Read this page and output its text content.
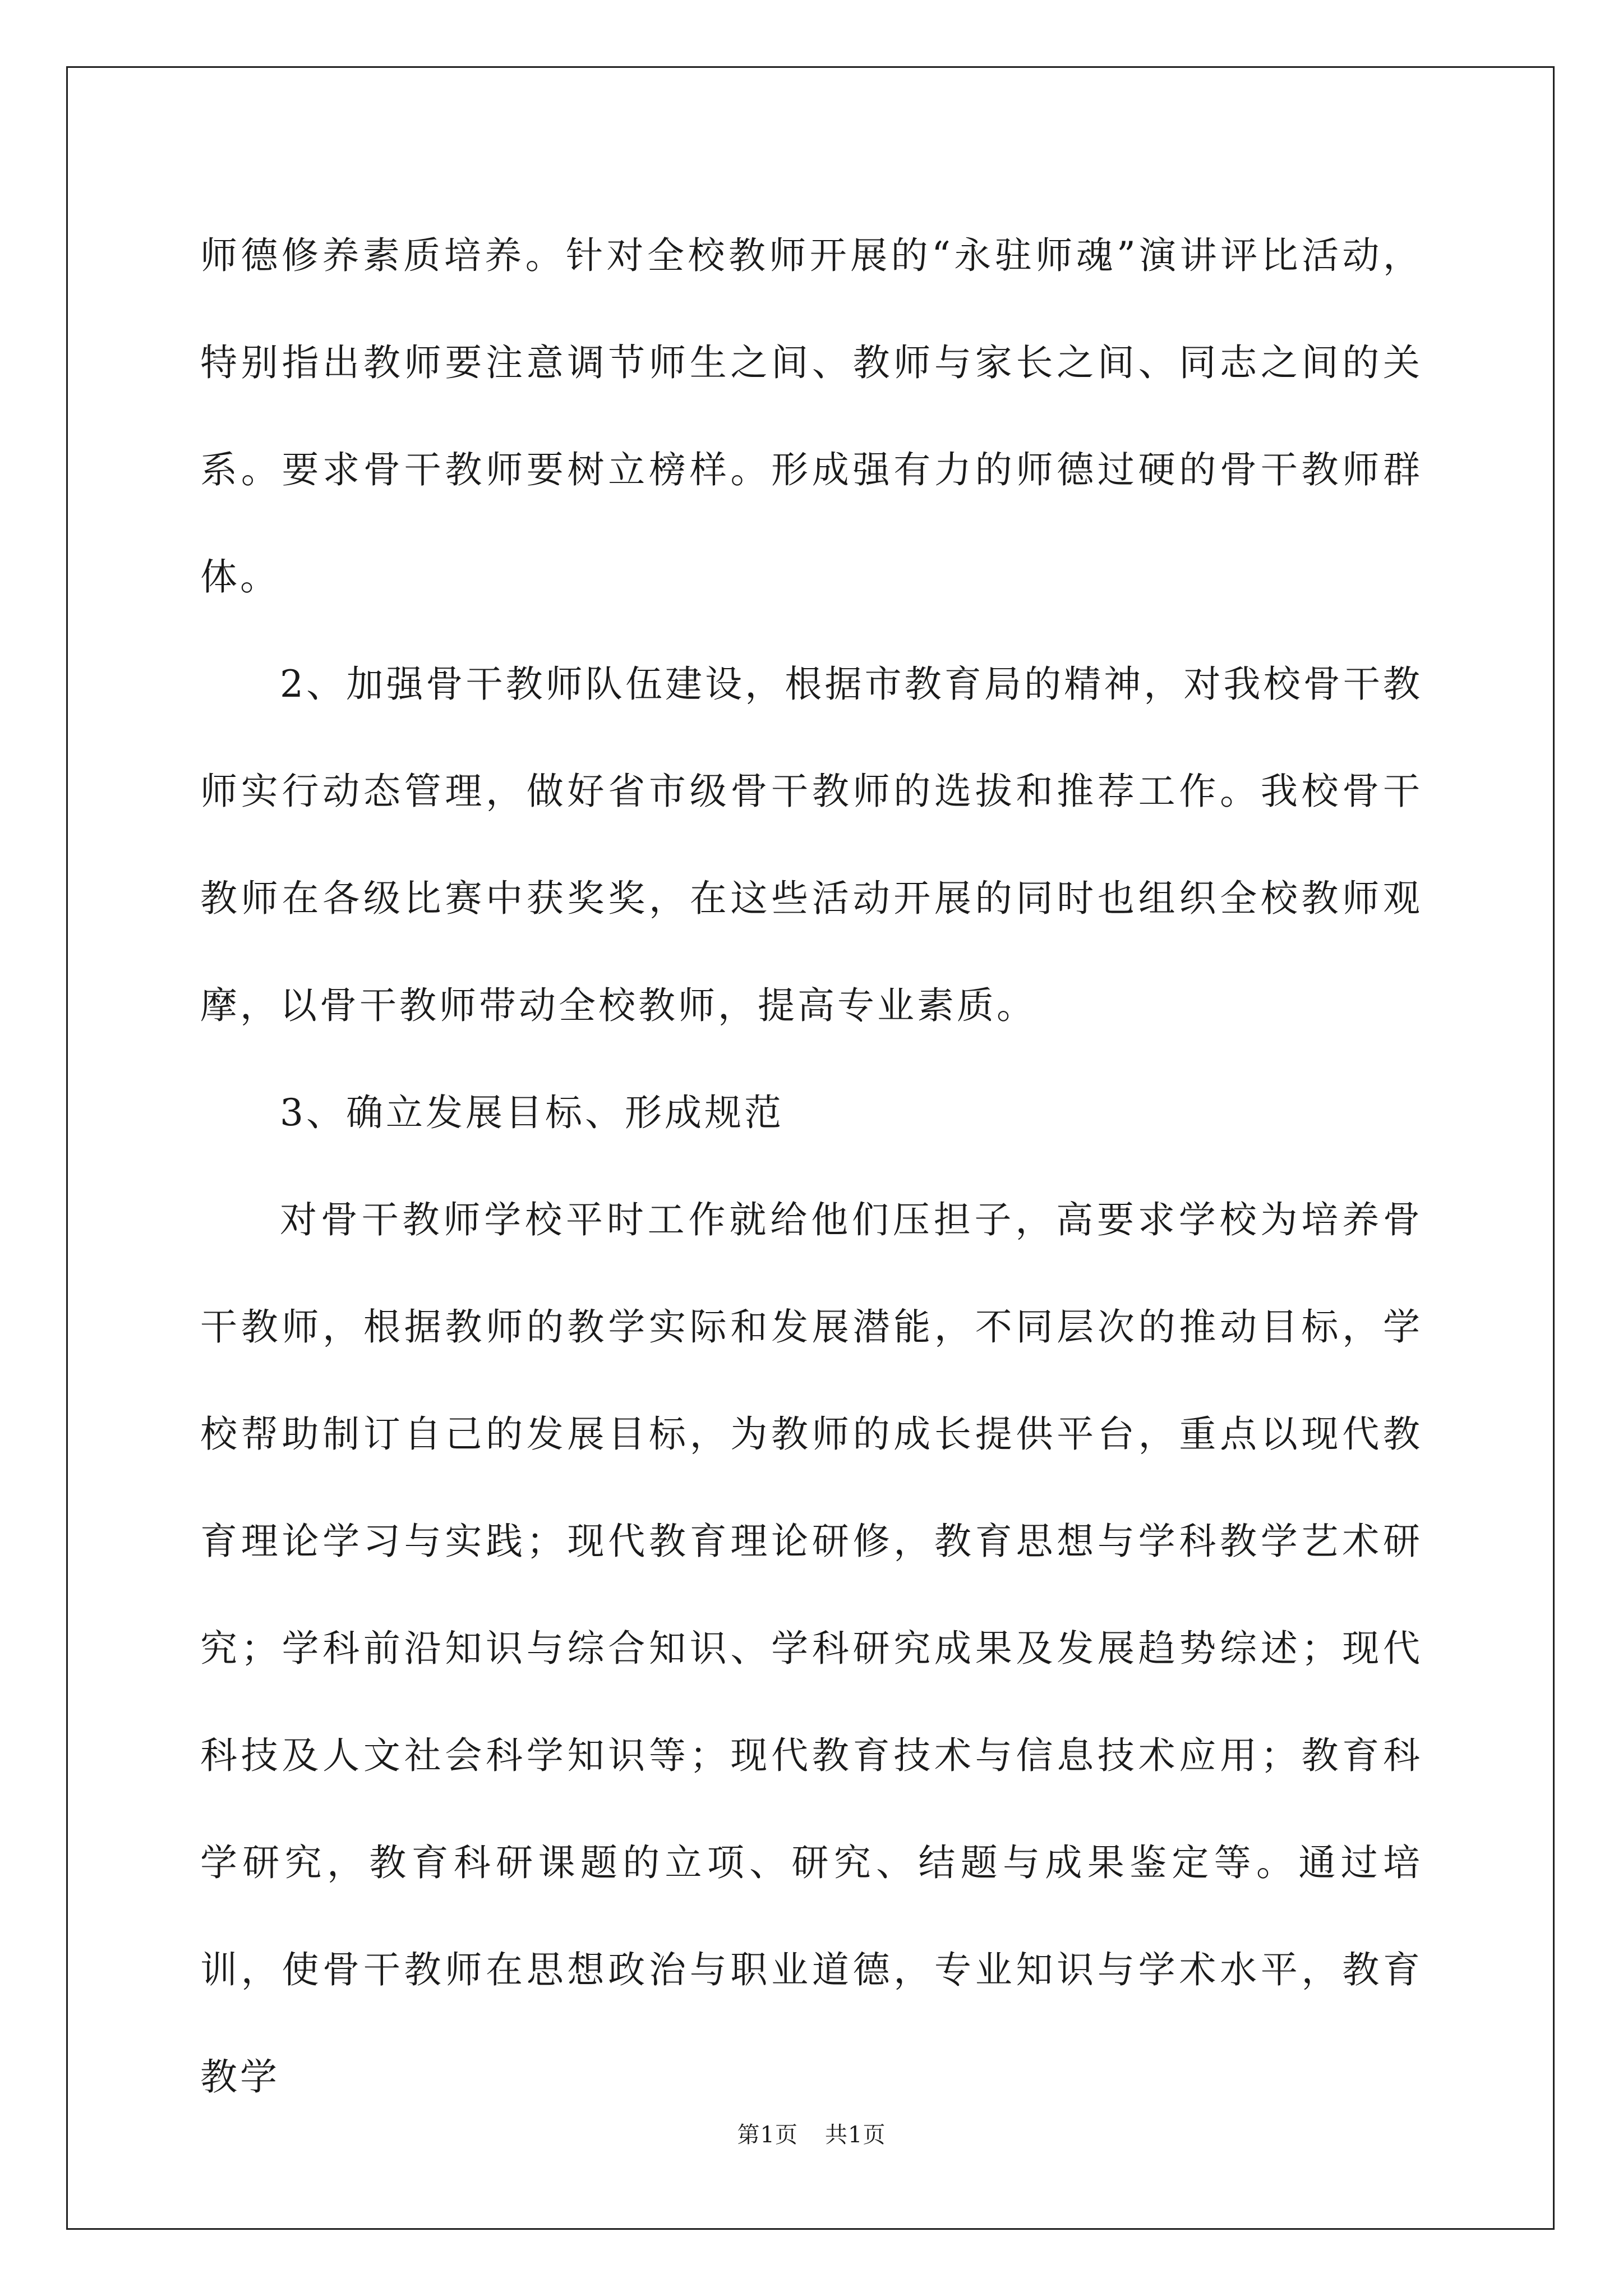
师德修养素质培养。针对全校教师开展的“永驻师魂”演讲评比活动，特别指出教师要注意调节师生之间、教师与家长之间、同志之间的关系。要求骨干教师要树立榜样。形成强有力的师德过硬的骨干教师群体。

2、加强骨干教师队伍建设，根据市教育局的精神，对我校骨干教师实行动态管理，做好省市级骨干教师的选拔和推荐工作。我校骨干教师在各级比赛中获奖奖，在这些活动开展的同时也组织全校教师观摩，以骨干教师带动全校教师，提高专业素质。

3、确立发展目标、形成规范

对骨干教师学校平时工作就给他们压担子，高要求学校为培养骨干教师，根据教师的教学实际和发展潜能，不同层次的推动目标，学校帮助制订自己的发展目标，为教师的成长提供平台，重点以现代教育理论学习与实践；现代教育理论研修，教育思想与学科教学艺术研究；学科前沿知识与综合知识、学科研究成果及发展趋势综述；现代科技及人文社会科学知识等；现代教育技术与信息技术应用；教育科学研究，教育科研课题的立项、研究、结题与成果鉴定等。通过培训，使骨干教师在思想政治与职业道德，专业知识与学术水平，教育教学

第1页 共1页
